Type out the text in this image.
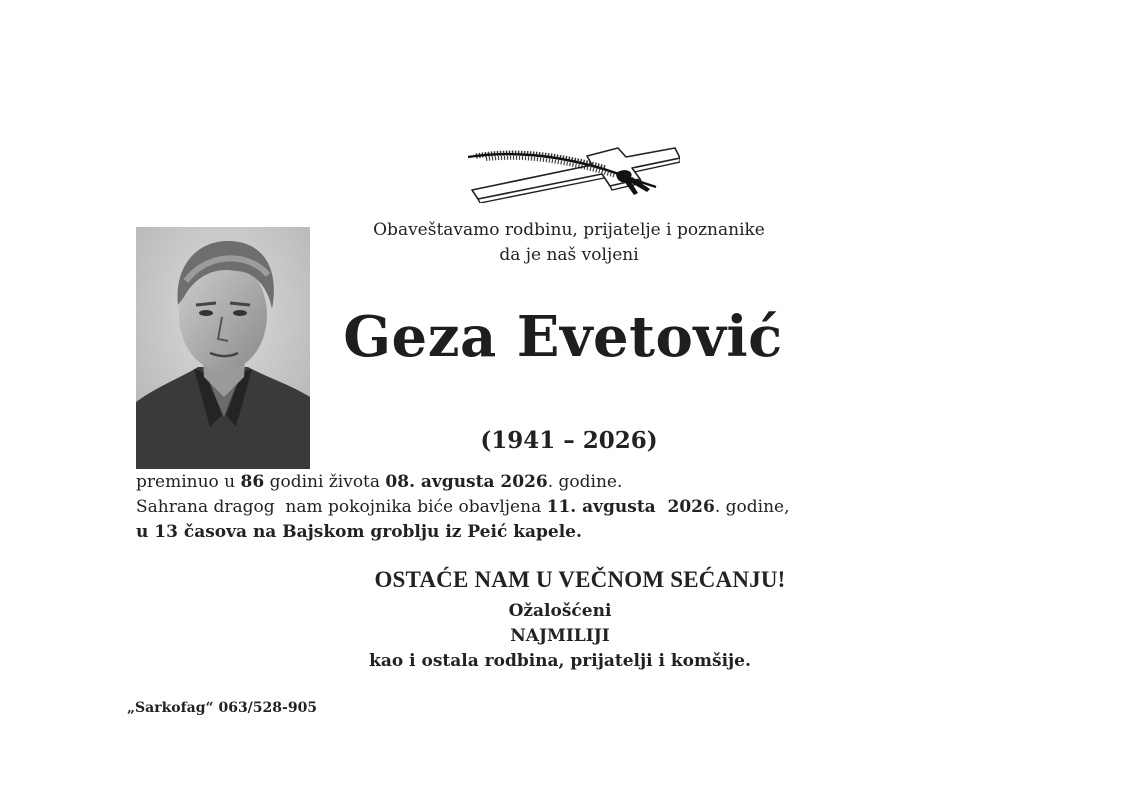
Obaveštavamo rodbinu, prijatelje i poznanike
da je naš voljeni
Geza Evetović
(1941 – 2026)
preminuo u 86 godini života 08. avgusta 2026. godine.
Sahrana dragog  nam pokojnika biće obavljena 11. avgusta  2026. godine,
u 13 časova na Bajskom groblju iz Peić kapele.
OSTAĆE NAM U VEČNOM SEĆANJU!
Ožalošćeni
NAJMILIJI
kao i ostala rodbina, prijatelji i komšije.
„Sarkofag“ 063/528-905
